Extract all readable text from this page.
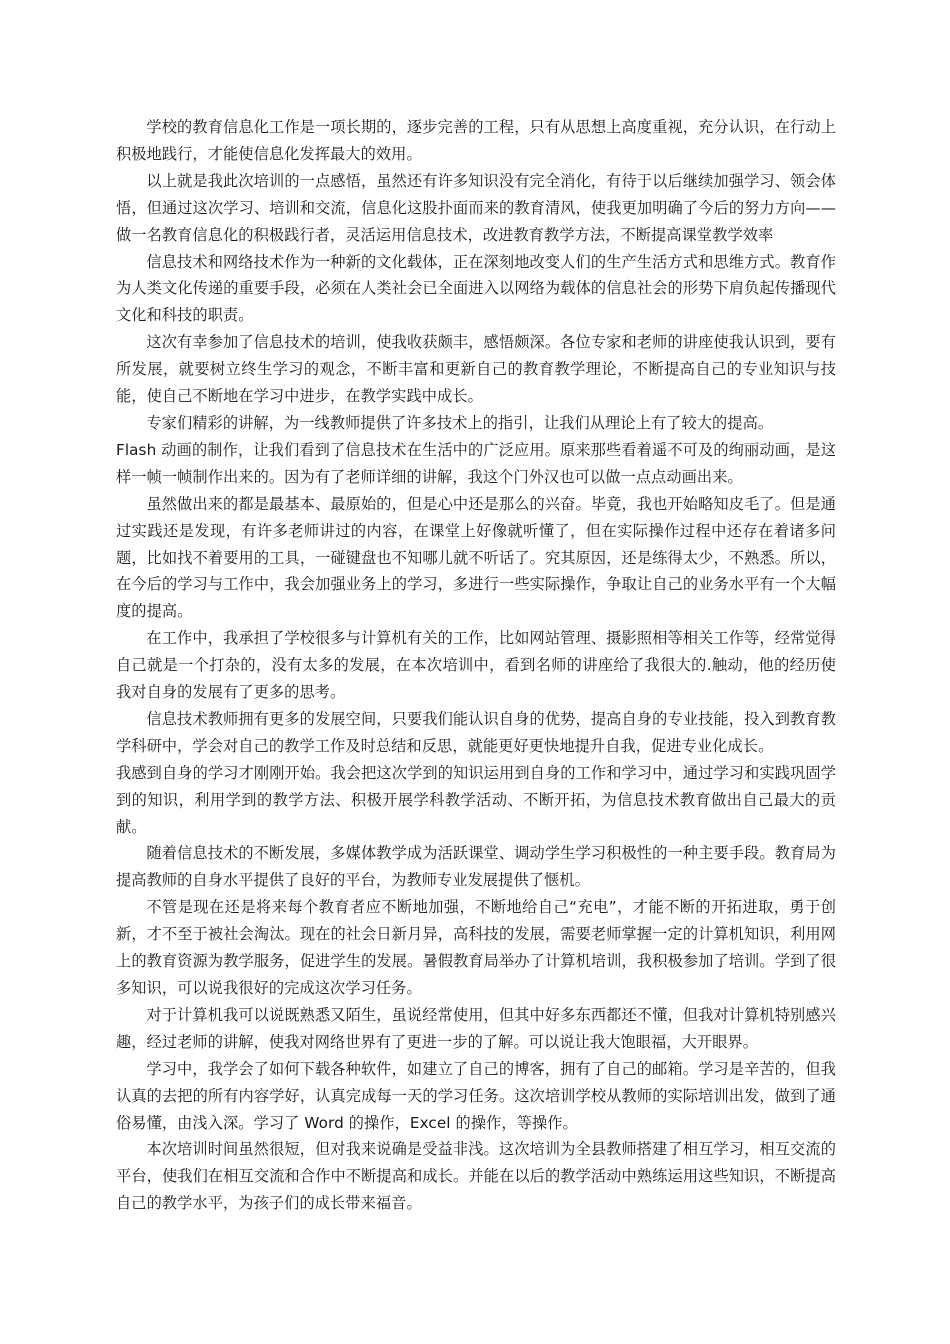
学校的教育信息化工作是一项长期的，逐步完善的工程，只有从思想上高度重视，充分认识，在行动上积极地践行，才能使信息化发挥最大的效用。

以上就是我此次培训的一点感悟，虽然还有许多知识没有完全消化，有待于以后继续加强学习、领会体悟，但通过这次学习、培训和交流，信息化这股扑面而来的教育清风，使我更加明确了今后的努力方向——做一名教育信息化的积极践行者，灵活运用信息技术，改进教育教学方法，不断提高课堂教学效率

信息技术和网络技术作为一种新的文化载体，正在深刻地改变人们的生产生活方式和思维方式。教育作为人类文化传递的重要手段，必须在人类社会已全面进入以网络为载体的信息社会的形势下肩负起传播现代文化和科技的职责。

这次有幸参加了信息技术的培训，使我收获颇丰，感悟颇深。各位专家和老师的讲座使我认识到，要有所发展，就要树立终生学习的观念，不断丰富和更新自己的教育教学理论，不断提高自己的专业知识与技能，使自己不断地在学习中进步，在教学实践中成长。

专家们精彩的讲解，为一线教师提供了许多技术上的指引，让我们从理论上有了较大的提高。

Flash 动画的制作，让我们看到了信息技术在生活中的广泛应用。原来那些看着遥不可及的绚丽动画，是这样一帧一帧制作出来的。因为有了老师详细的讲解，我这个门外汉也可以做一点点动画出来。

虽然做出来的都是最基本、最原始的，但是心中还是那么的兴奋。毕竟，我也开始略知皮毛了。但是通过实践还是发现，有许多老师讲过的内容，在课堂上好像就听懂了，但在实际操作过程中还存在着诸多问题，比如找不着要用的工具，一碰键盘也不知哪儿就不听话了。究其原因，还是练得太少，不熟悉。所以，在今后的学习与工作中，我会加强业务上的学习，多进行一些实际操作，争取让自己的业务水平有一个大幅度的提高。

在工作中，我承担了学校很多与计算机有关的工作，比如网站管理、摄影照相等相关工作等，经常觉得自己就是一个打杂的，没有太多的发展，在本次培训中，看到名师的讲座给了我很大的.触动，他的经历使我对自身的发展有了更多的思考。

信息技术教师拥有更多的发展空间，只要我们能认识自身的优势，提高自身的专业技能，投入到教育教学科研中，学会对自己的教学工作及时总结和反思，就能更好更快地提升自我，促进专业化成长。

我感到自身的学习才刚刚开始。我会把这次学到的知识运用到自身的工作和学习中，通过学习和实践巩固学到的知识，利用学到的教学方法、积极开展学科教学活动、不断开拓，为信息技术教育做出自己最大的贡献。

随着信息技术的不断发展，多媒体教学成为活跃课堂、调动学生学习积极性的一种主要手段。教育局为提高教师的自身水平提供了良好的平台，为教师专业发展提供了惬机。

不管是现在还是将来每个教育者应不断地加强，不断地给自己“充电”，才能不断的开拓进取，勇于创新，才不至于被社会淘汰。现在的社会日新月异，高科技的发展，需要老师掌握一定的计算机知识，利用网上的教育资源为教学服务，促进学生的发展。暑假教育局举办了计算机培训，我积极参加了培训。学到了很多知识，可以说我很好的完成这次学习任务。

对于计算机我可以说既熟悉又陌生，虽说经常使用，但其中好多东西都还不懂，但我对计算机特别感兴趣，经过老师的讲解，使我对网络世界有了更进一步的了解。可以说让我大饱眼福，大开眼界。

学习中，我学会了如何下载各种软件，如建立了自己的博客，拥有了自己的邮箱。学习是辛苦的，但我认真的去把的所有内容学好，认真完成每一天的学习任务。这次培训学校从教师的实际培训出发，做到了通俗易懂，由浅入深。学习了 Word 的操作，Excel 的操作，等操作。

本次培训时间虽然很短，但对我来说确是受益非浅。这次培训为全县教师搭建了相互学习，相互交流的平台，使我们在相互交流和合作中不断提高和成长。并能在以后的教学活动中熟练运用这些知识，不断提高自己的教学水平，为孩子们的成长带来福音。
